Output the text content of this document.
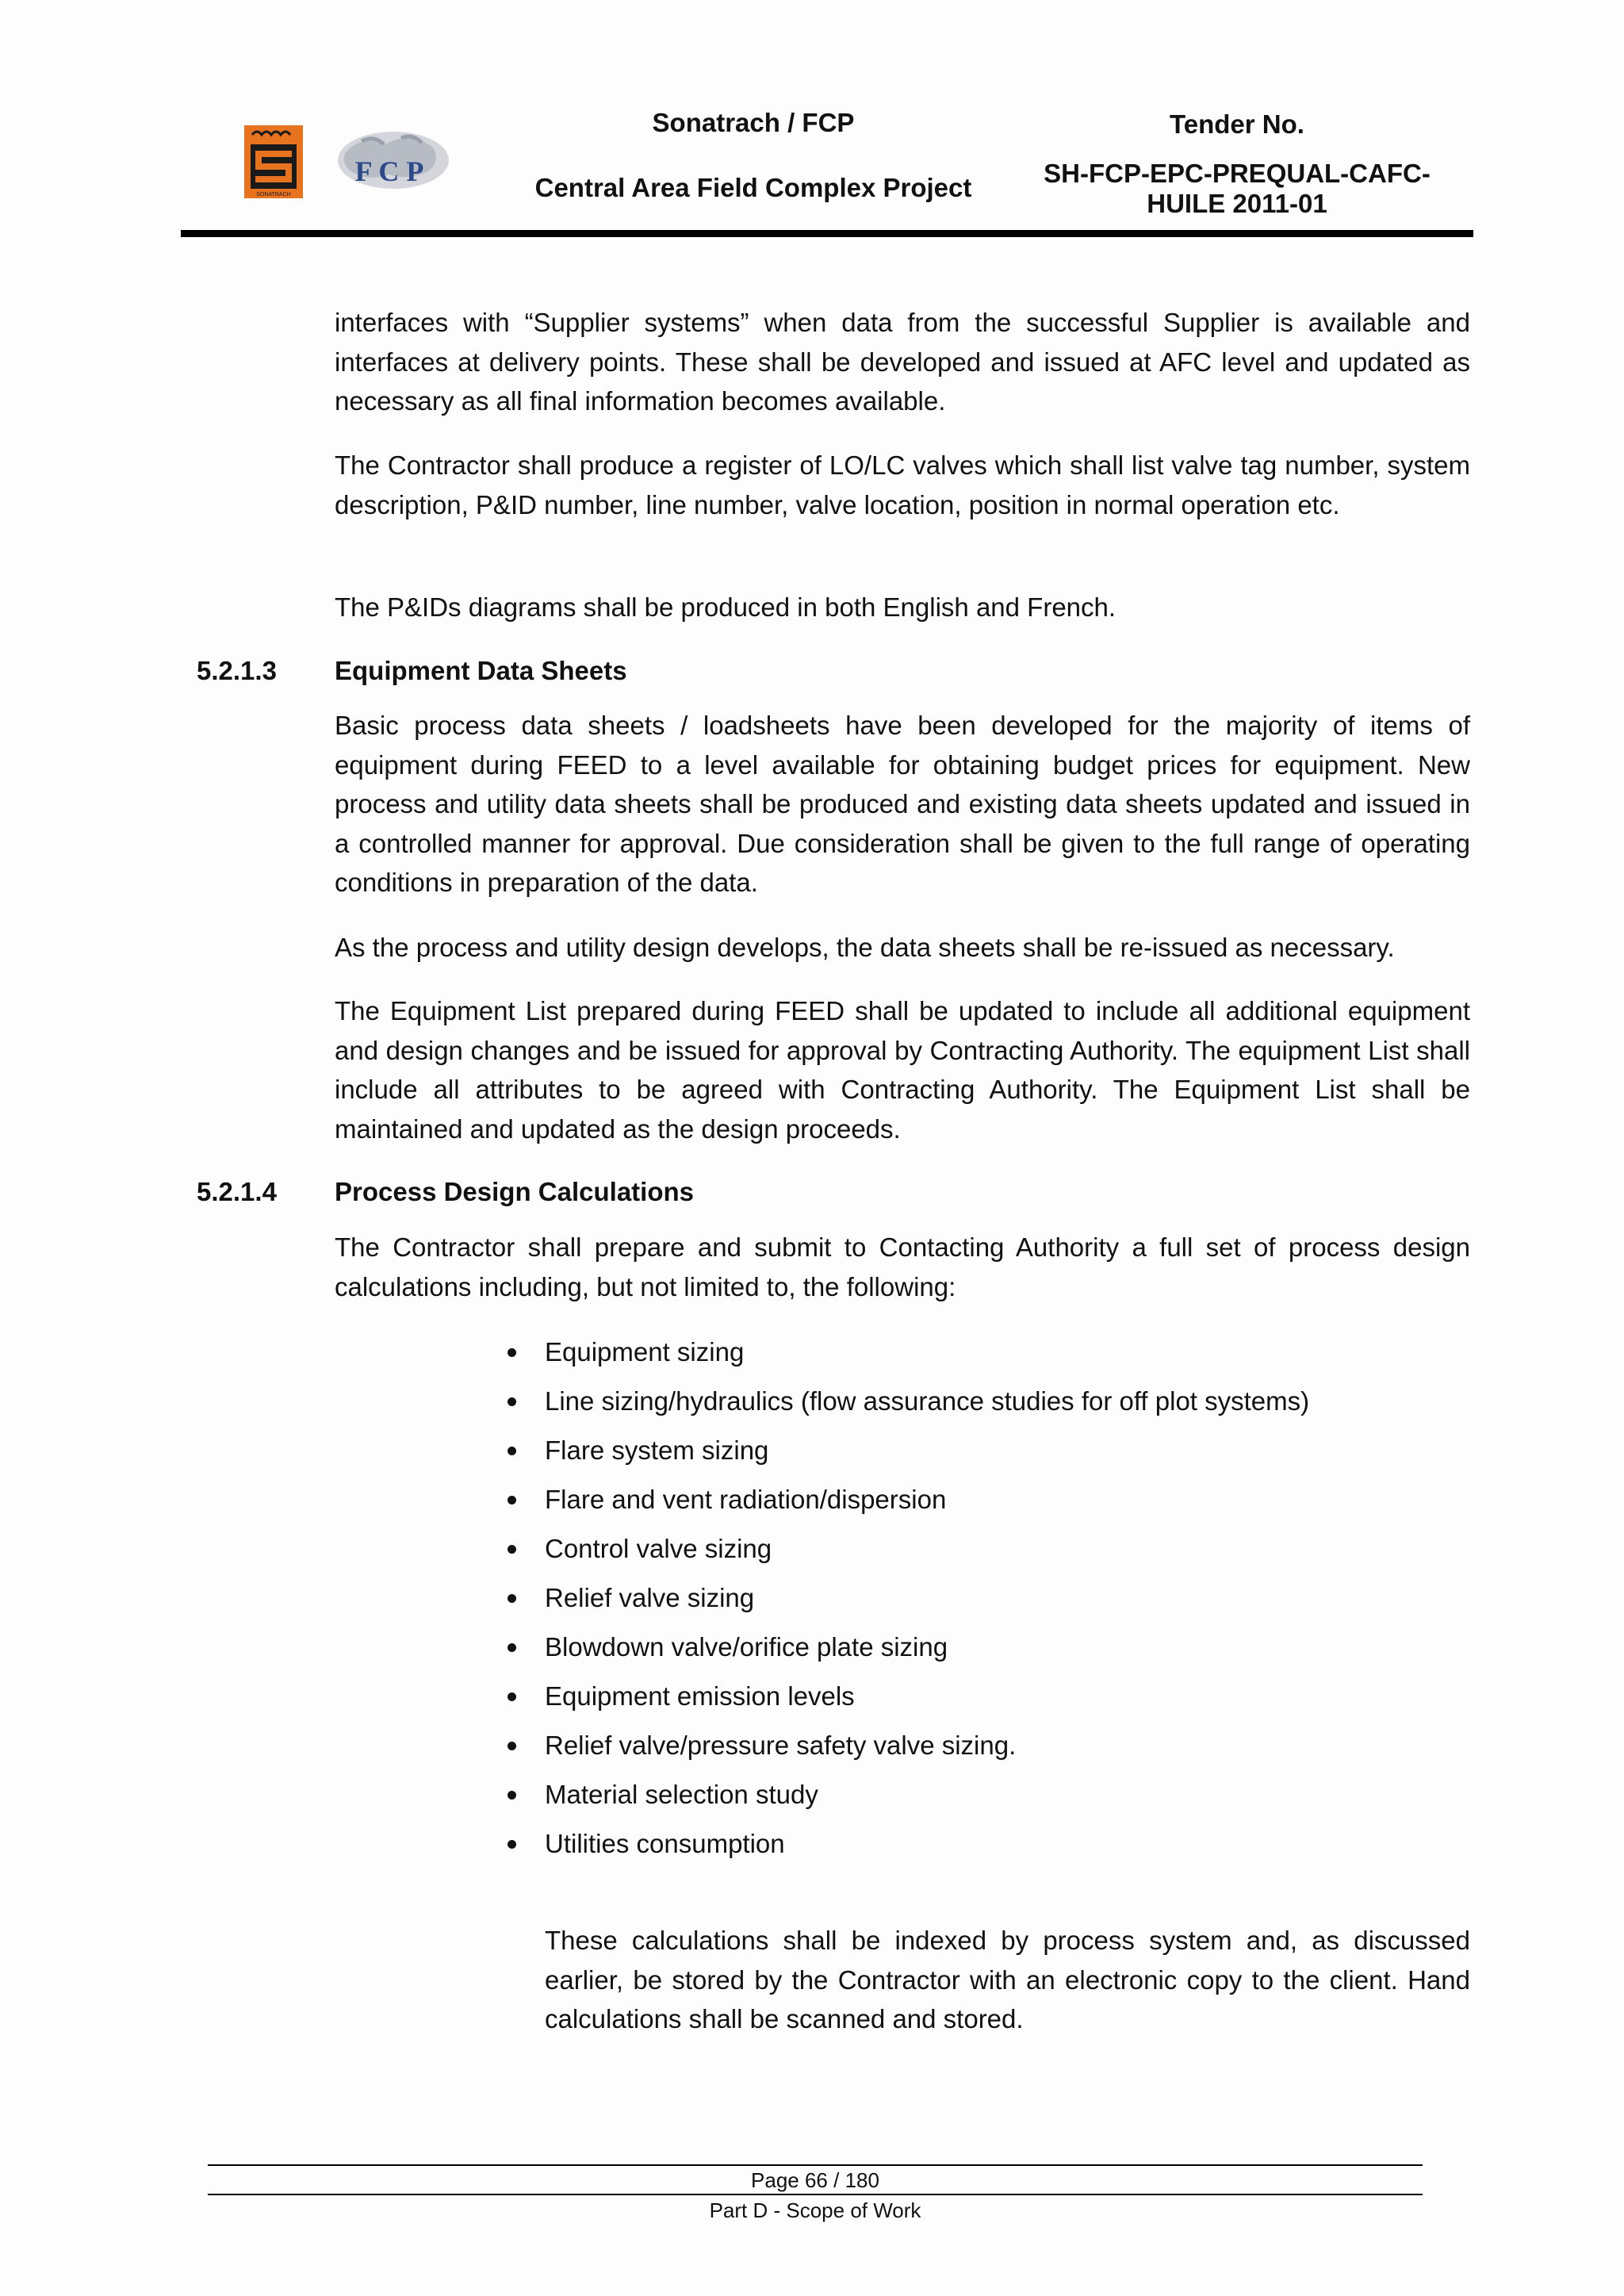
SONATRACH
F C P
Sonatrach / FCP
Central Area Field Complex Project
Tender No.
SH-FCP-EPC-PREQUAL-CAFC-
HUILE 2011-01

interfaces with “Supplier systems” when data from the successful Supplier is available and interfaces at delivery points. These shall be developed and issued at AFC level and updated as necessary as all final information becomes available.

The Contractor shall produce a register of LO/LC valves which shall list valve tag number, system description, P&ID number, line number, valve location, position in normal operation etc.

The P&IDs diagrams shall be produced in both English and French.

5.2.1.3 Equipment Data Sheets

Basic process data sheets / loadsheets have been developed for the majority of items of equipment during FEED to a level available for obtaining budget prices for equipment. New process and utility data sheets shall be produced and existing data sheets updated and issued in a controlled manner for approval. Due consideration shall be given to the full range of operating conditions in preparation of the data.

As the process and utility design develops, the data sheets shall be re-issued as necessary.

The Equipment List prepared during FEED shall be updated to include all additional equipment and design changes and be issued for approval by Contracting Authority. The equipment List shall include all attributes to be agreed with Contracting Authority. The Equipment List shall be maintained and updated as the design proceeds.

5.2.1.4 Process Design Calculations

The Contractor shall prepare and submit to Contacting Authority a full set of process design calculations including, but not limited to, the following:

Equipment sizing
Line sizing/hydraulics (flow assurance studies for off plot systems)
Flare system sizing
Flare and vent radiation/dispersion
Control valve sizing
Relief valve sizing
Blowdown valve/orifice plate sizing
Equipment emission levels
Relief valve/pressure safety valve sizing.
Material selection study
Utilities consumption

These calculations shall be indexed by process system and, as discussed earlier, be stored by the Contractor with an electronic copy to the client. Hand calculations shall be scanned and stored.

Page 66 / 180
Part D - Scope of Work
